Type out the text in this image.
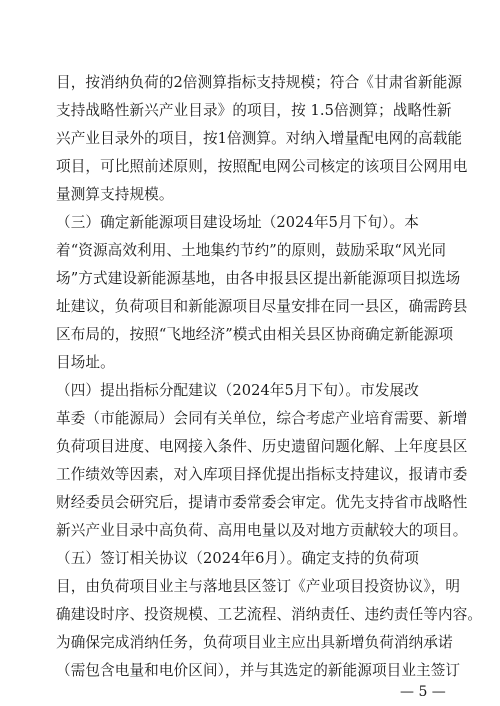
目，按消纳负荷的2倍测算指标支持规模；符合《甘肃省新能源
支持战略性新兴产业目录》的项目，按 1.5倍测算；战略性新
兴产业目录外的项目，按1倍测算。对纳入增量配电网的高载能
项目，可比照前述原则，按照配电网公司核定的该项目公网用电
量测算支持规模。
（三）确定新能源项目建设场址（2024年5月下旬）。本
着“资源高效利用、土地集约节约”的原则，鼓励采取“风光同
场”方式建设新能源基地，由各申报县区提出新能源项目拟选场
址建议，负荷项目和新能源项目尽量安排在同一县区，确需跨县
区布局的，按照“飞地经济”模式由相关县区协商确定新能源项
目场址。
（四）提出指标分配建议（2024年5月下旬）。市发展改
革委（市能源局）会同有关单位，综合考虑产业培育需要、新增
负荷项目进度、电网接入条件、历史遗留问题化解、上年度县区
工作绩效等因素，对入库项目择优提出指标支持建议，报请市委
财经委员会研究后，提请市委常委会审定。优先支持省市战略性
新兴产业目录中高负荷、高用电量以及对地方贡献较大的项目。
（五）签订相关协议（2024年6月）。确定支持的负荷项
目，由负荷项目业主与落地县区签订《产业项目投资协议》，明
确建设时序、投资规模、工艺流程、消纳责任、违约责任等内容。
为确保完成消纳任务，负荷项目业主应出具新增负荷消纳承诺
（需包含电量和电价区间），并与其选定的新能源项目业主签订
— 5 —
